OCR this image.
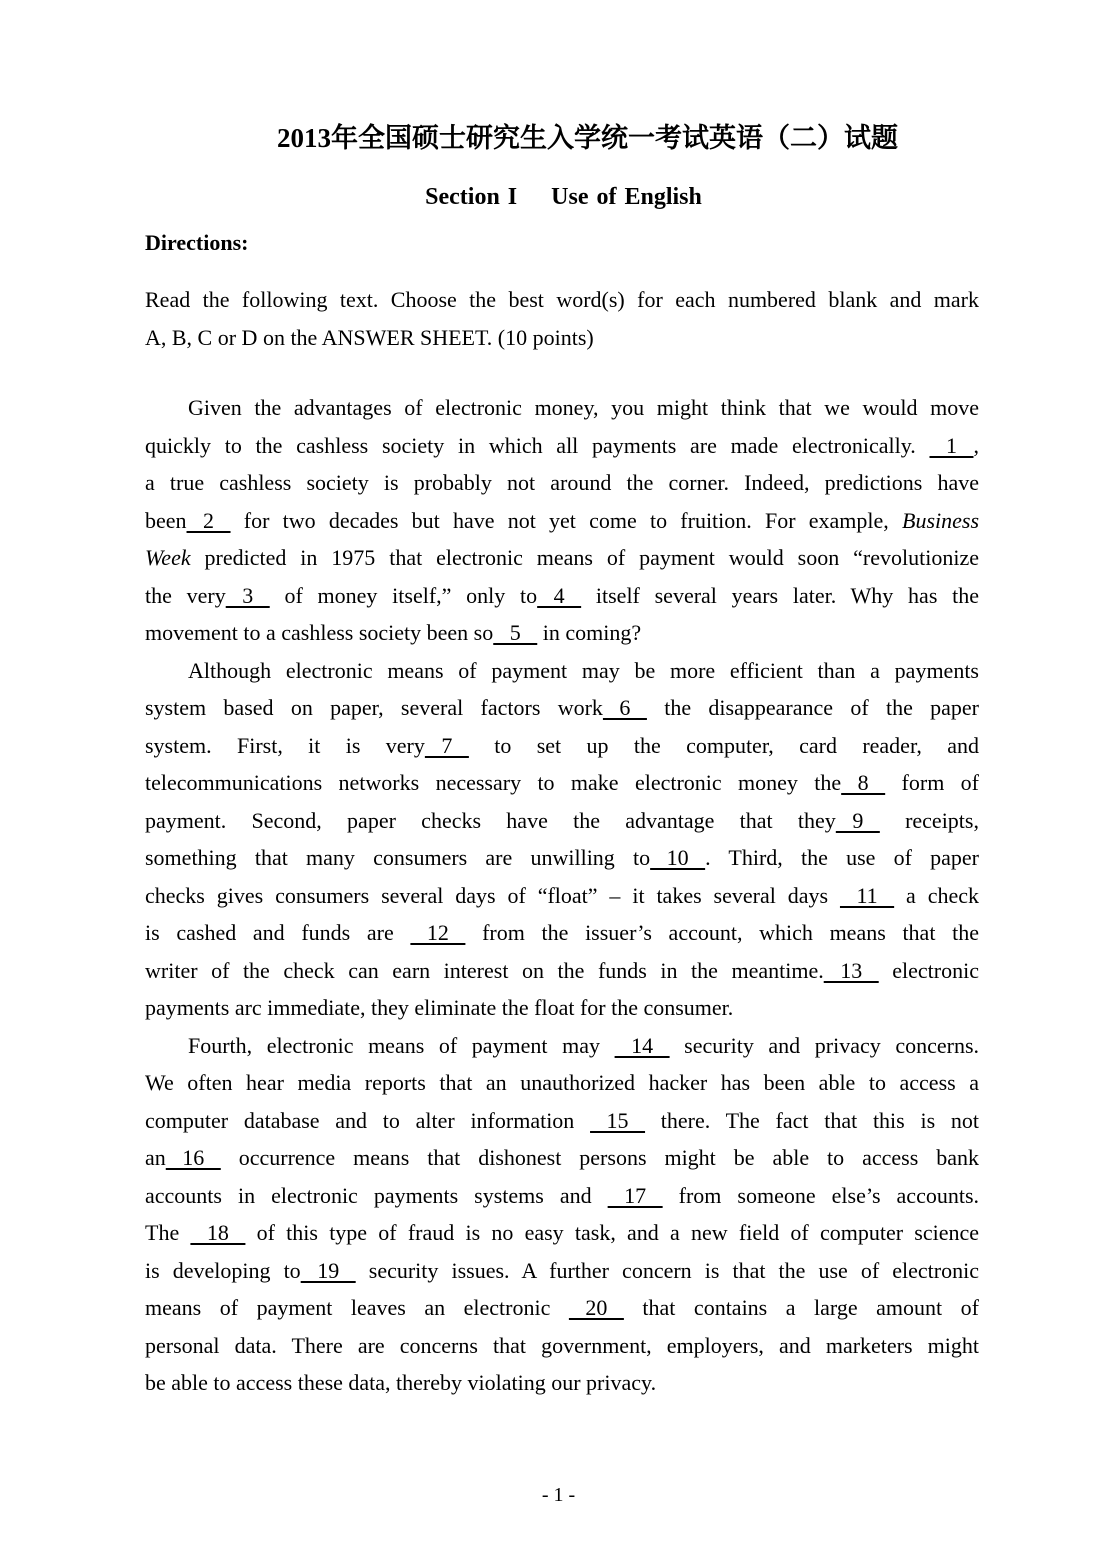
2013年全国硕士研究生入学统一考试英语（二）试题
Section I Use of English
Directions:
Read the following text. Choose the best word(s) for each numbered blank and mark
A, B, C or D on the ANSWER SHEET. (10 points)
Given the advantages of electronic money, you might think that we would move
quickly to the cashless society in which all payments are made electronically.    1   ,
a true cashless society is probably not around the corner. Indeed, predictions have
been   2    for two decades but have not yet come to fruition. For example, Business
Week predicted in 1975 that electronic means of payment would soon “revolutionize
the very   3    of money itself,” only to   4    itself several years later. Why has the
movement to a cashless society been so   5    in coming?
Although electronic means of payment may be more efficient than a payments
system based on paper, several factors work   6    the disappearance of the paper
system. First, it is very   7    to set up the computer, card reader, and
telecommunications networks necessary to make electronic money the   8    form of
payment. Second, paper checks have the advantage that they   9    receipts,
something that many consumers are unwilling to   10   . Third, the use of paper
checks gives consumers several days of “float” – it takes several days    11    a check
is cashed and funds are    12    from the issuer’s account, which means that the
writer of the check can earn interest on the funds in the meantime.   13    electronic
payments arc immediate, they eliminate the float for the consumer.
Fourth, electronic means of payment may    14    security and privacy concerns.
We often hear media reports that an unauthorized hacker has been able to access a
computer database and to alter information    15    there. The fact that this is not
an   16    occurrence means that dishonest persons might be able to access bank
accounts in electronic payments systems and    17    from someone else’s accounts.
The    18    of this type of fraud is no easy task, and a new field of computer science
is developing to   19    security issues. A further concern is that the use of electronic
means of payment leaves an electronic    20    that contains a large amount of
personal data. There are concerns that government, employers, and marketers might
be able to access these data, thereby violating our privacy.
- 1 -
